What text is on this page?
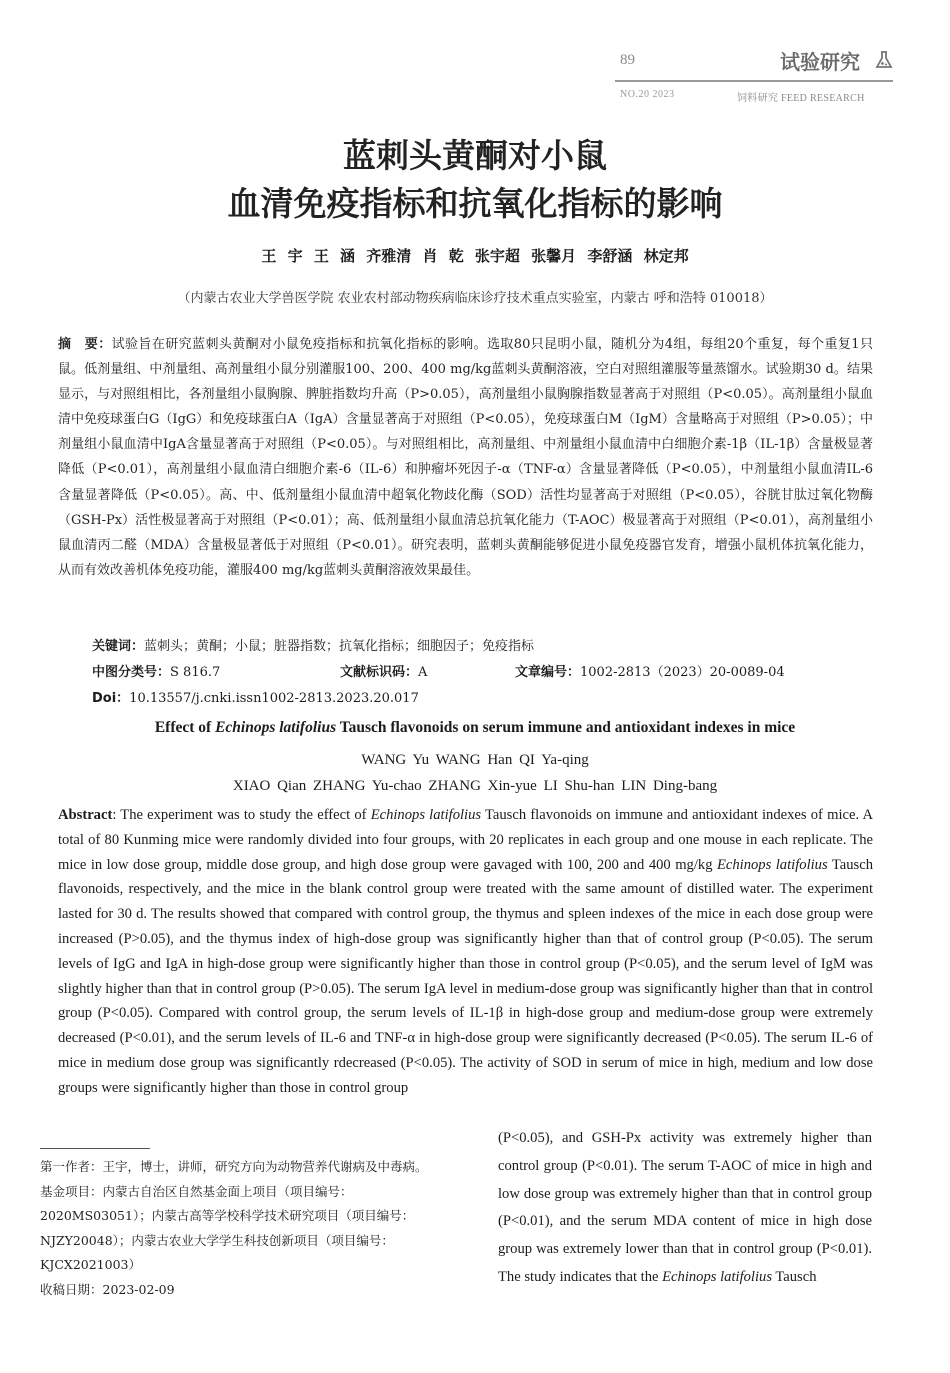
89
NO.20 2023
试验研究
饲料研究 FEED RESEARCH
蓝刺头黄酮对小鼠
血清免疫指标和抗氧化指标的影响
王 宇 王 涵 齐雅清 肖 乾 张宇超 张馨月 李舒涵 林定邦
（内蒙古农业大学兽医学院 农业农村部动物疾病临床诊疗技术重点实验室，内蒙古 呼和浩特 010018）
摘　要：试验旨在研究蓝刺头黄酮对小鼠免疫指标和抗氧化指标的影响。选取80只昆明小鼠，随机分为4组，每组20个重复，每个重复1只鼠。低剂量组、中剂量组、高剂量组小鼠分别灌服100、200、400 mg/kg蓝刺头黄酮溶液，空白对照组灌服等量蒸馏水。试验期30 d。结果显示，与对照组相比，各剂量组小鼠胸腺、脾脏指数均升高（P>0.05），高剂量组小鼠胸腺指数显著高于对照组（P<0.05）。高剂量组小鼠血清中免疫球蛋白G（IgG）和免疫球蛋白A（IgA）含量显著高于对照组（P<0.05），免疫球蛋白M（IgM）含量略高于对照组（P>0.05）；中剂量组小鼠血清中IgA含量显著高于对照组（P<0.05）。与对照组相比，高剂量组、中剂量组小鼠血清中白细胞介素-1β（IL-1β）含量极显著降低（P<0.01），高剂量组小鼠血清白细胞介素-6（IL-6）和肿瘤坏死因子-α（TNF-α）含量显著降低（P<0.05），中剂量组小鼠血清IL-6含量显著降低（P<0.05）。高、中、低剂量组小鼠血清中超氧化物歧化酶（SOD）活性均显著高于对照组（P<0.05），谷胱甘肽过氧化物酶（GSH-Px）活性极显著高于对照组（P<0.01）；高、低剂量组小鼠血清总抗氧化能力（T-AOC）极显著高于对照组（P<0.01），高剂量组小鼠血清丙二醛（MDA）含量极显著低于对照组（P<0.01）。研究表明，蓝刺头黄酮能够促进小鼠免疫器官发育，增强小鼠机体抗氧化能力，从而有效改善机体免疫功能，灌服400 mg/kg蓝刺头黄酮溶液效果最佳。
关键词：蓝刺头；黄酮；小鼠；脏器指数；抗氧化指标；细胞因子；免疫指标
中图分类号：S 816.7	文献标识码：A	文章编号：1002-2813（2023）20-0089-04
Doi：10.13557/j.cnki.issn1002-2813.2023.20.017
Effect of Echinops latifolius Tausch flavonoids on serum immune and antioxidant indexes in mice
WANG Yu WANG Han QI Ya-qing
XIAO Qian ZHANG Yu-chao ZHANG Xin-yue LI Shu-han LIN Ding-bang
Abstract: The experiment was to study the effect of Echinops latifolius Tausch flavonoids on immune and antioxidant indexes of mice. A total of 80 Kunming mice were randomly divided into four groups, with 20 replicates in each group and one mouse in each replicate. The mice in low dose group, middle dose group, and high dose group were gavaged with 100, 200 and 400 mg/kg Echinops latifolius Tausch flavonoids, respectively, and the mice in the blank control group were treated with the same amount of distilled water. The experiment lasted for 30 d. The results showed that compared with control group, the thymus and spleen indexes of the mice in each dose group were increased (P>0.05), and the thymus index of high-dose group was significantly higher than that of control group (P<0.05). The serum levels of IgG and IgA in high-dose group were significantly higher than those in control group (P<0.05), and the serum level of IgM was slightly higher than that in control group (P>0.05). The serum IgA level in medium-dose group was significantly higher than that in control group (P<0.05). Compared with control group, the serum levels of IL-1β in high-dose group and medium-dose group were extremely decreased (P<0.01), and the serum levels of IL-6 and TNF-α in high-dose group were significantly decreased (P<0.05). The serum IL-6 of mice in medium dose group was significantly rdecreased (P<0.05). The activity of SOD in serum of mice in high, medium and low dose groups were significantly higher than those in control group
(P<0.05), and GSH-Px activity was extremely higher than control group (P<0.01). The serum T-AOC of mice in high and low dose group was extremely higher than that in control group (P<0.01), and the serum MDA content of mice in high dose group was extremely lower than that in control group (P<0.01). The study indicates that the Echinops latifolius Tausch
第一作者：王宇，博士，讲师，研究方向为动物营养代谢病及中毒病。
基金项目：内蒙古自治区自然基金面上项目（项目编号：2020MS03051）；内蒙古高等学校科学技术研究项目（项目编号：NJZY20048）；内蒙古农业大学学生科技创新项目（项目编号：KJCX2021003）
收稿日期：2023-02-09
